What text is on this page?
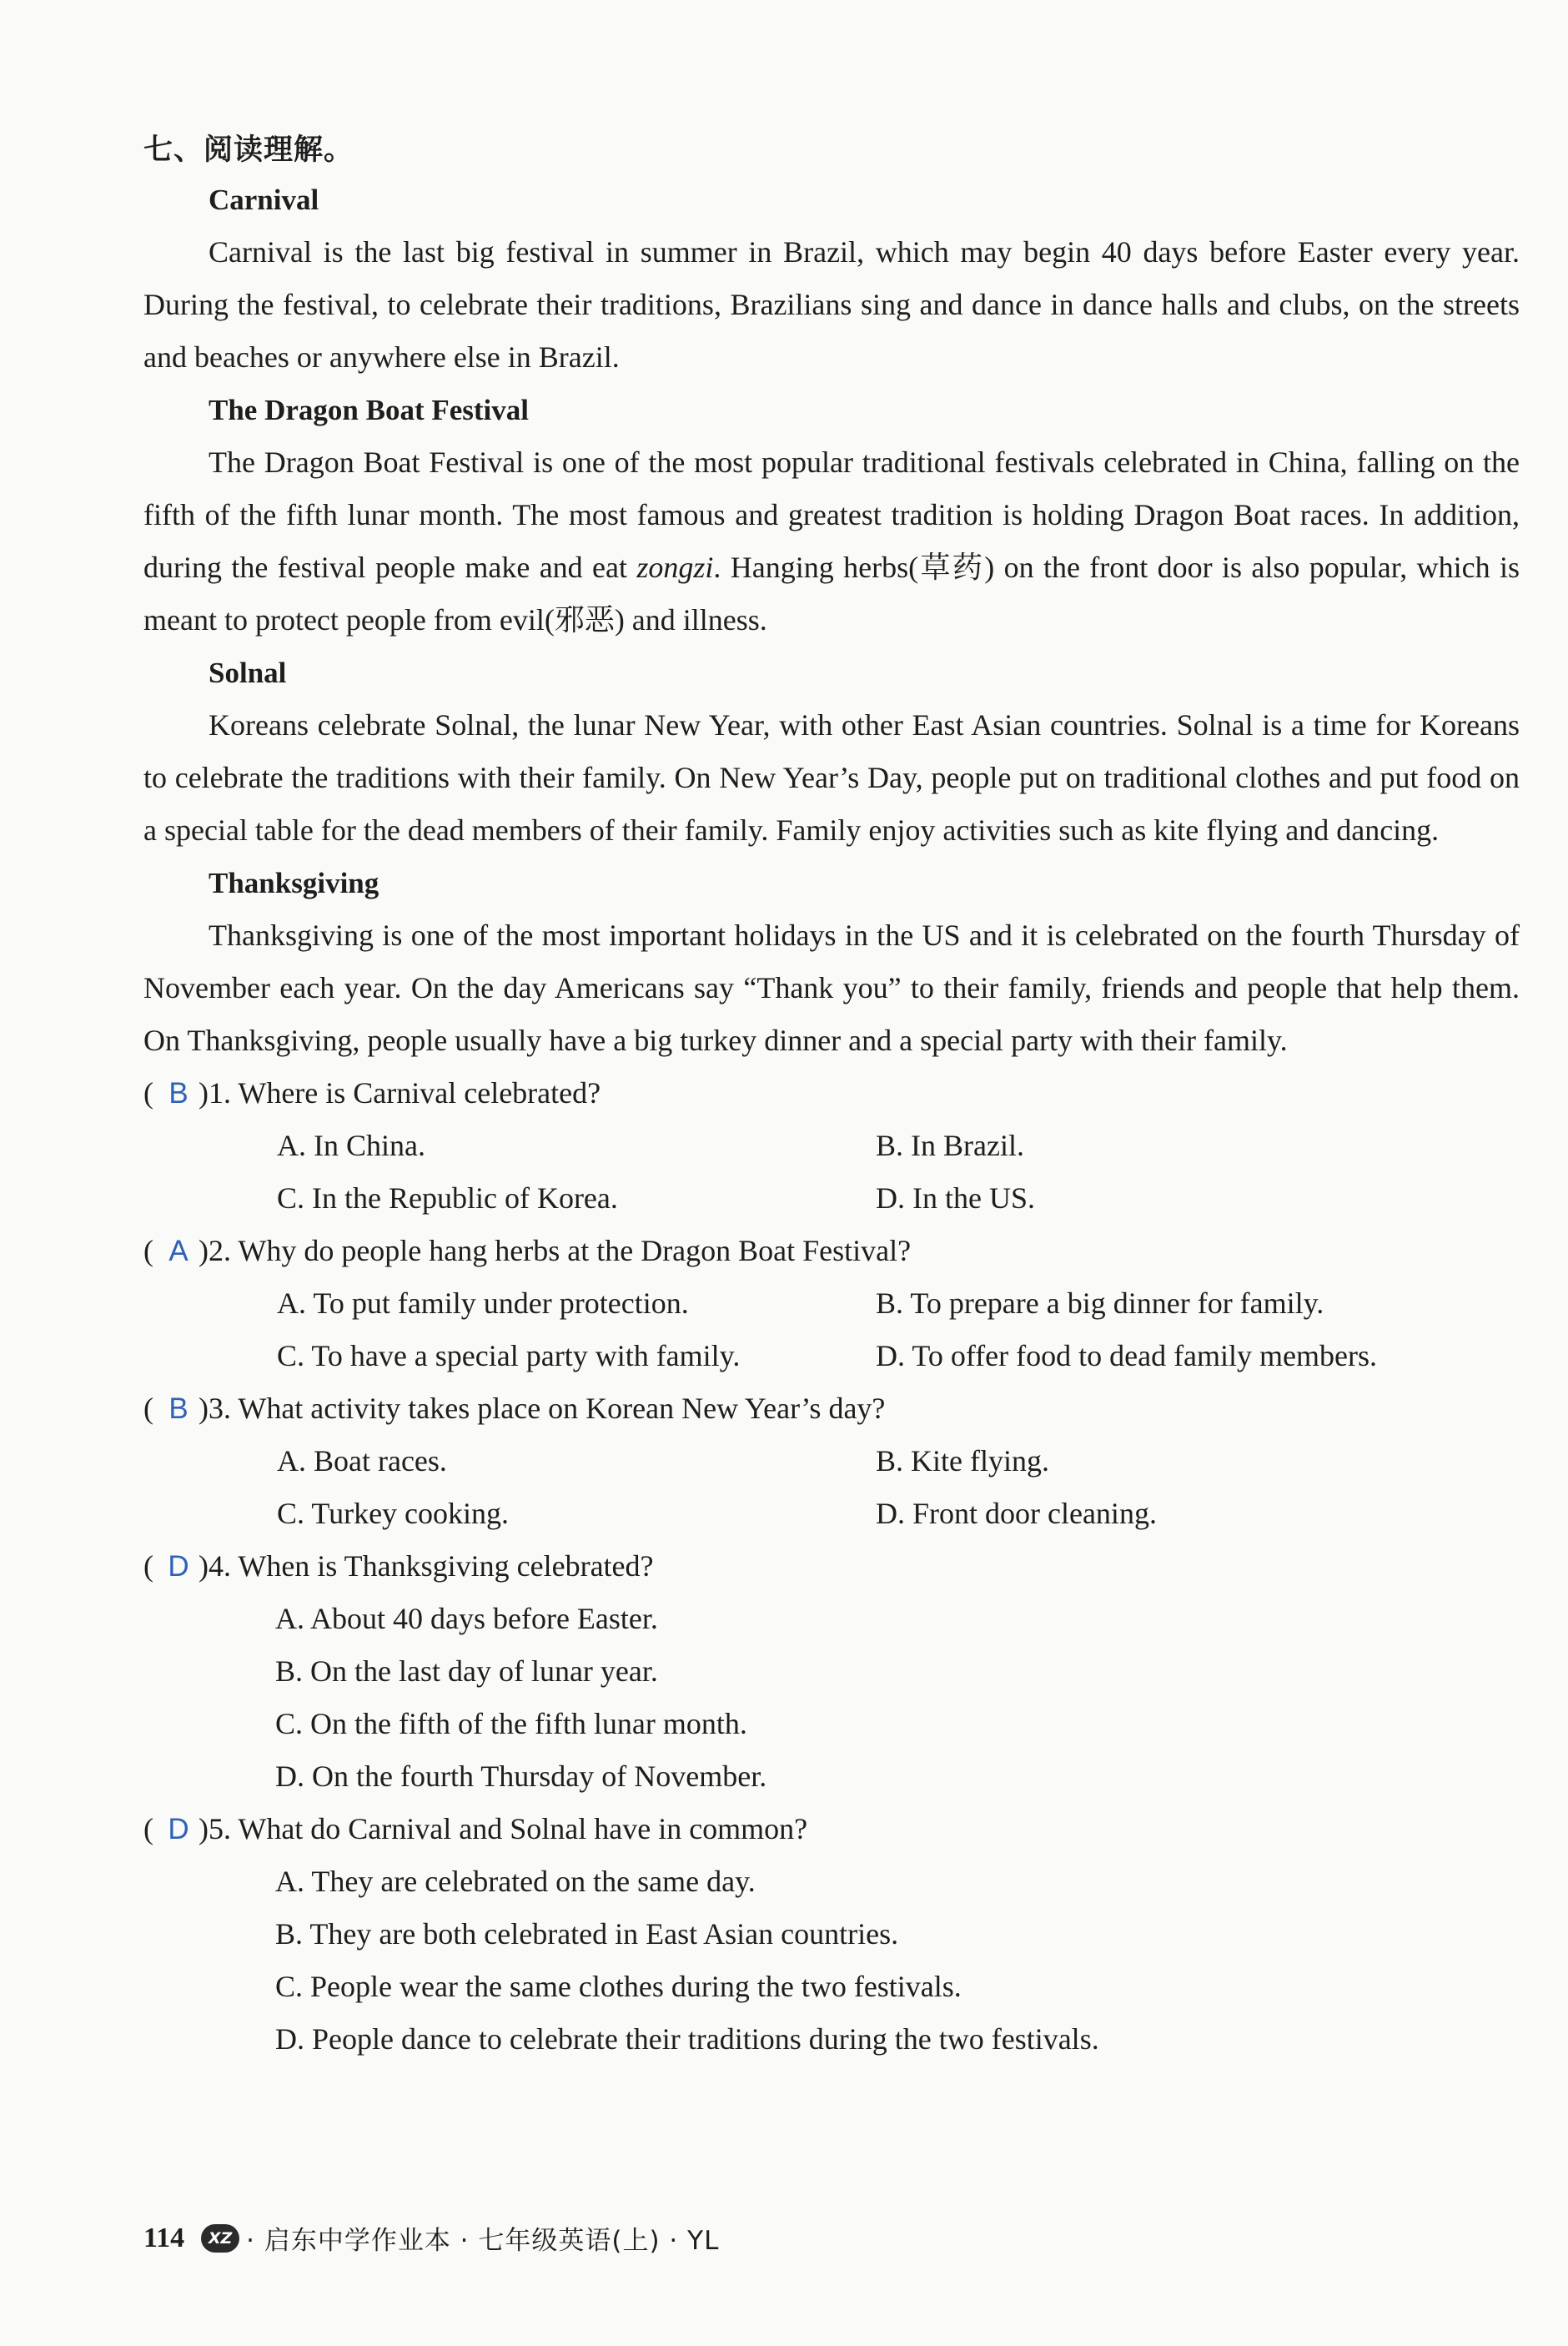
七、阅读理解。
Carnival
Carnival is the last big festival in summer in Brazil, which may begin 40 days before Easter every year. During the festival, to celebrate their traditions, Brazilians sing and dance in dance halls and clubs, on the streets and beaches or anywhere else in Brazil.
The Dragon Boat Festival
The Dragon Boat Festival is one of the most popular traditional festivals celebrated in China, falling on the fifth of the fifth lunar month. The most famous and greatest tradition is holding Dragon Boat races. In addition, during the festival people make and eat zongzi. Hanging herbs(草药) on the front door is also popular, which is meant to protect people from evil(邪恶) and illness.
Solnal
Koreans celebrate Solnal, the lunar New Year, with other East Asian countries. Solnal is a time for Koreans to celebrate the traditions with their family. On New Year’s Day, people put on traditional clothes and put food on a special table for the dead members of their family. Family enjoy activities such as kite flying and dancing.
Thanksgiving
Thanksgiving is one of the most important holidays in the US and it is celebrated on the fourth Thursday of November each year. On the day Americans say “Thank you” to their family, friends and people that help them. On Thanksgiving, people usually have a big turkey dinner and a special party with their family.
( B )1. Where is Carnival celebrated?
A. In China.	B. In Brazil.
C. In the Republic of Korea.	D. In the US.
( A )2. Why do people hang herbs at the Dragon Boat Festival?
A. To put family under protection.	B. To prepare a big dinner for family.
C. To have a special party with family.	D. To offer food to dead family members.
( B )3. What activity takes place on Korean New Year’s day?
A. Boat races.	B. Kite flying.
C. Turkey cooking.	D. Front door cleaning.
( D )4. When is Thanksgiving celebrated?
A. About 40 days before Easter.
B. On the last day of lunar year.
C. On the fifth of the fifth lunar month.
D. On the fourth Thursday of November.
( D )5. What do Carnival and Solnal have in common?
A. They are celebrated on the same day.
B. They are both celebrated in East Asian countries.
C. People wear the same clothes during the two festivals.
D. People dance to celebrate their traditions during the two festivals.
114	XZ · 启东中学作业本 · 七年级英语(上) · YL
